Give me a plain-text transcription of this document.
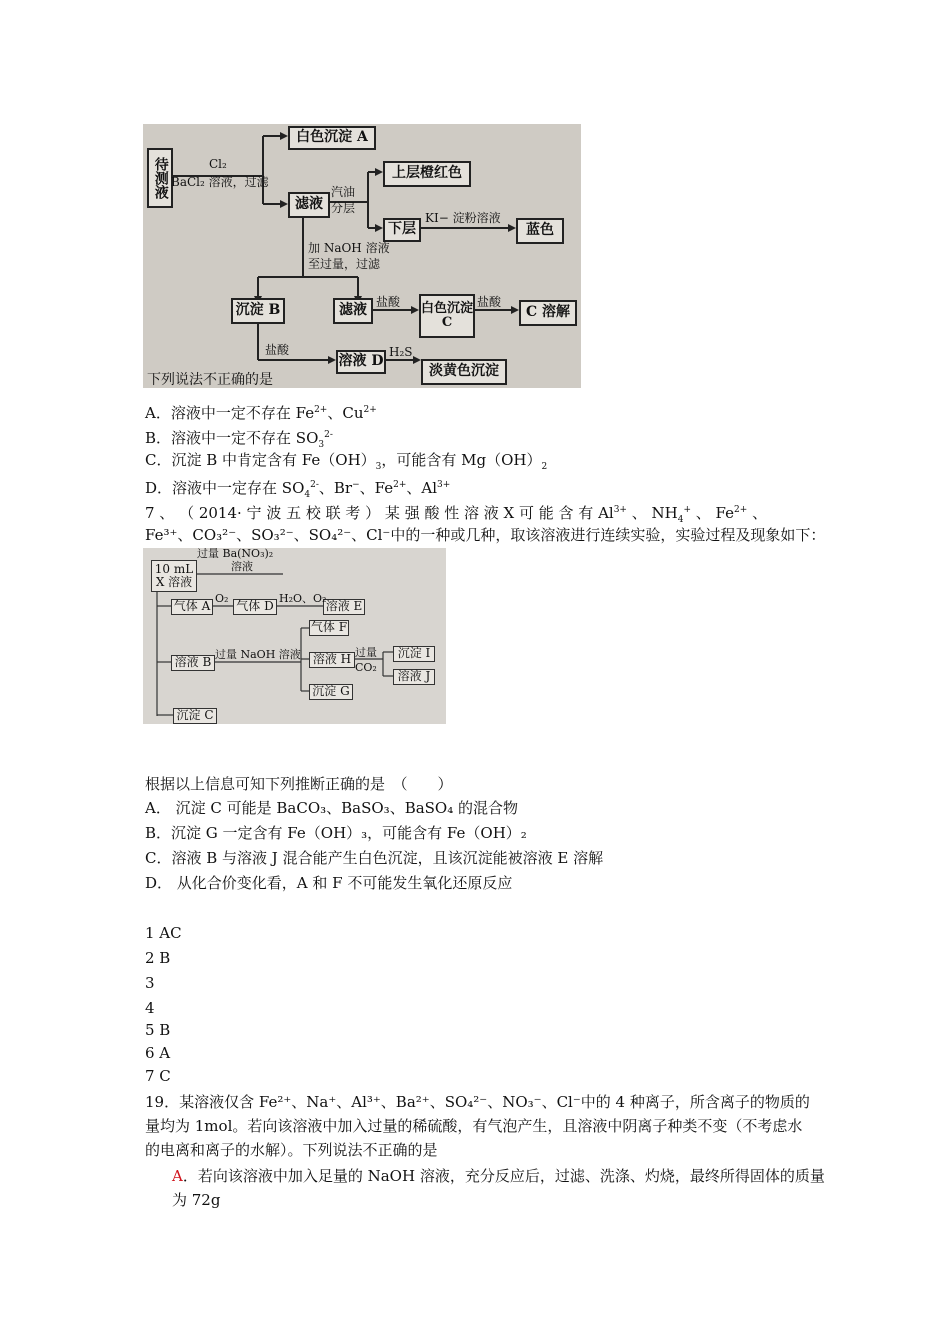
待测液
白色沉淀 A
滤液
上层橙红色
下层	蓝色
沉淀 B	滤液	白色沉淀 C
C 溶解
溶液 D
淡黄色沉淀
Cl₂
BaCl₂ 溶液，过滤
汽油
分层
KI− 淀粉溶液
加 NaOH 溶液
至过量，过滤
盐酸	盐酸
盐酸	H₂S
下列说法不正确的是
A．溶液中一定不存在 $Fe^{2+}$、$Cu^{2+}$
B．溶液中一定不存在 $SO_3^{2-}$
C．沉淀 B 中肯定含有 $Fe(OH)_3$，可能含有 $Mg(OH)_2$
D．溶液中一定存在 $SO_4^{2-}$、Br−、$Fe^{2+}$、$Al^{3+}$
7 、 （ 2014· 宁 波 五 校 联 考 ） 某 强 酸 性 溶 液 X 可 能 含 有 $Al^{3+}$ 、 $NH_4^+$ 、 $Fe^{2+}$ 、
Fe³⁺、CO₃²⁻、SO₃²⁻、SO₄²⁻、Cl⁻中的一种或几种，取该溶液进行连续实验，实验过程及现象如下：
10 mL
X 溶液
气体 A 气体 D	溶液 E
气体 F
溶液 B	溶液 H	沉淀 I
溶液 J
沉淀 G
沉淀 C
过量 Ba(NO₃)₂
溶液
O₂	H₂O、O₂
过量 NaOH 溶液	过量
CO₂
根据以上信息可知下列推断正确的是　（　　）
A． 沉淀 C 可能是 BaCO₃、BaSO₃、BaSO₄ 的混合物
B．沉淀 G 一定含有 Fe（OH）₃，可能含有 Fe（OH）₂
C．溶液 B 与溶液 J 混合能产生白色沉淀，且该沉淀能被溶液 E 溶解
D． 从化合价变化看，A 和 F 不可能发生氧化还原反应
1 AC
2 B
3
4
5 B
6 A
7 C
19．某溶液仅含 Fe²⁺、Na⁺、Al³⁺、Ba²⁺、SO₄²⁻、NO₃⁻、Cl⁻中的 4 种离子，所含离子的物质的量均为 1mol。若向该溶液中加入过量的稀硫酸，有气泡产生，且溶液中阴离子种类不变（不考虑水的电离和离子的水解）。下列说法不正确的是
A．若向该溶液中加入足量的 NaOH 溶液，充分反应后，过滤、洗涤、灼烧，最终所得固体的质量为 72g
